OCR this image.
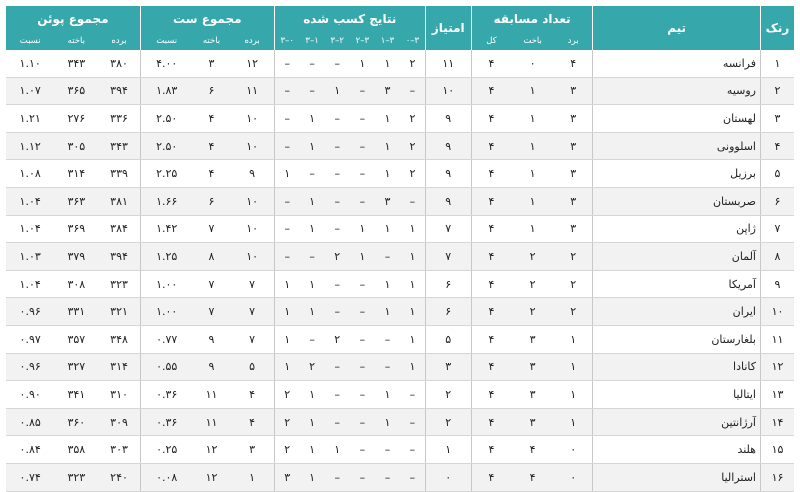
رنک	تیم	تعداد مسابقه			امتیاز	نتایج کسب شده						مجموع ست			مجموع پوئن		
		برد	باخت	کل		۳–۰	۳–۱	۳–۲	۲–۳	۱–۳	۰–۳	برده	باخته	نسبت	برده	باخته	نسبت
۱	فرانسه	۴	۰	۴	۱۱	۲	۱	۱	–	–	–	۱۲	۳	۴.۰۰	۳۸۰	۳۴۳	۱.۱۰
۲	روسیه	۳	۱	۴	۱۰	–	۳	–	۱	–	–	۱۱	۶	۱.۸۳	۳۹۴	۳۶۵	۱.۰۷
۳	لهستان	۳	۱	۴	۹	۲	۱	–	–	۱	–	۱۰	۴	۲.۵۰	۳۳۶	۲۷۶	۱.۲۱
۴	اسلوونی	۳	۱	۴	۹	۲	۱	–	–	۱	–	۱۰	۴	۲.۵۰	۳۴۳	۳۰۵	۱.۱۲
۵	برزیل	۳	۱	۴	۹	۲	۱	–	–	–	۱	۹	۴	۲.۲۵	۳۳۹	۳۱۴	۱.۰۸
۶	صربستان	۳	۱	۴	۹	–	۳	–	–	۱	–	۱۰	۶	۱.۶۶	۳۸۱	۳۶۳	۱.۰۴
۷	ژاپن	۳	۱	۴	۷	۱	۱	۱	–	۱	–	۱۰	۷	۱.۴۲	۳۸۴	۳۶۹	۱.۰۴
۸	آلمان	۲	۲	۴	۷	۱	–	۱	۲	–	–	۱۰	۸	۱.۲۵	۳۹۴	۳۷۹	۱.۰۳
۹	آمریکا	۲	۲	۴	۶	۱	۱	–	–	۱	۱	۷	۷	۱.۰۰	۳۲۳	۳۰۸	۱.۰۴
۱۰	ایران	۲	۲	۴	۶	۱	۱	–	–	۱	۱	۷	۷	۱.۰۰	۳۲۱	۳۳۱	۰.۹۶
۱۱	بلغارستان	۱	۳	۴	۵	۱	–	–	۲	–	۱	۷	۹	۰.۷۷	۳۴۸	۳۵۷	۰.۹۷
۱۲	کانادا	۱	۳	۴	۳	۱	–	–	–	۲	۱	۵	۹	۰.۵۵	۳۱۴	۳۲۷	۰.۹۶
۱۳	ایتالیا	۱	۳	۴	۲	–	۱	–	–	۱	۲	۴	۱۱	۰.۳۶	۳۱۰	۳۴۱	۰.۹۰
۱۴	آرژانتین	۱	۳	۴	۲	–	۱	–	–	۱	۲	۴	۱۱	۰.۳۶	۳۰۹	۳۶۰	۰.۸۵
۱۵	هلند	۰	۴	۴	۱	–	–	–	۱	۱	۲	۳	۱۲	۰.۲۵	۳۰۳	۳۵۸	۰.۸۴
۱۶	استرالیا	۰	۴	۴	۰	–	–	–	–	۱	۳	۱	۱۲	۰.۰۸	۲۴۰	۳۲۳	۰.۷۴
